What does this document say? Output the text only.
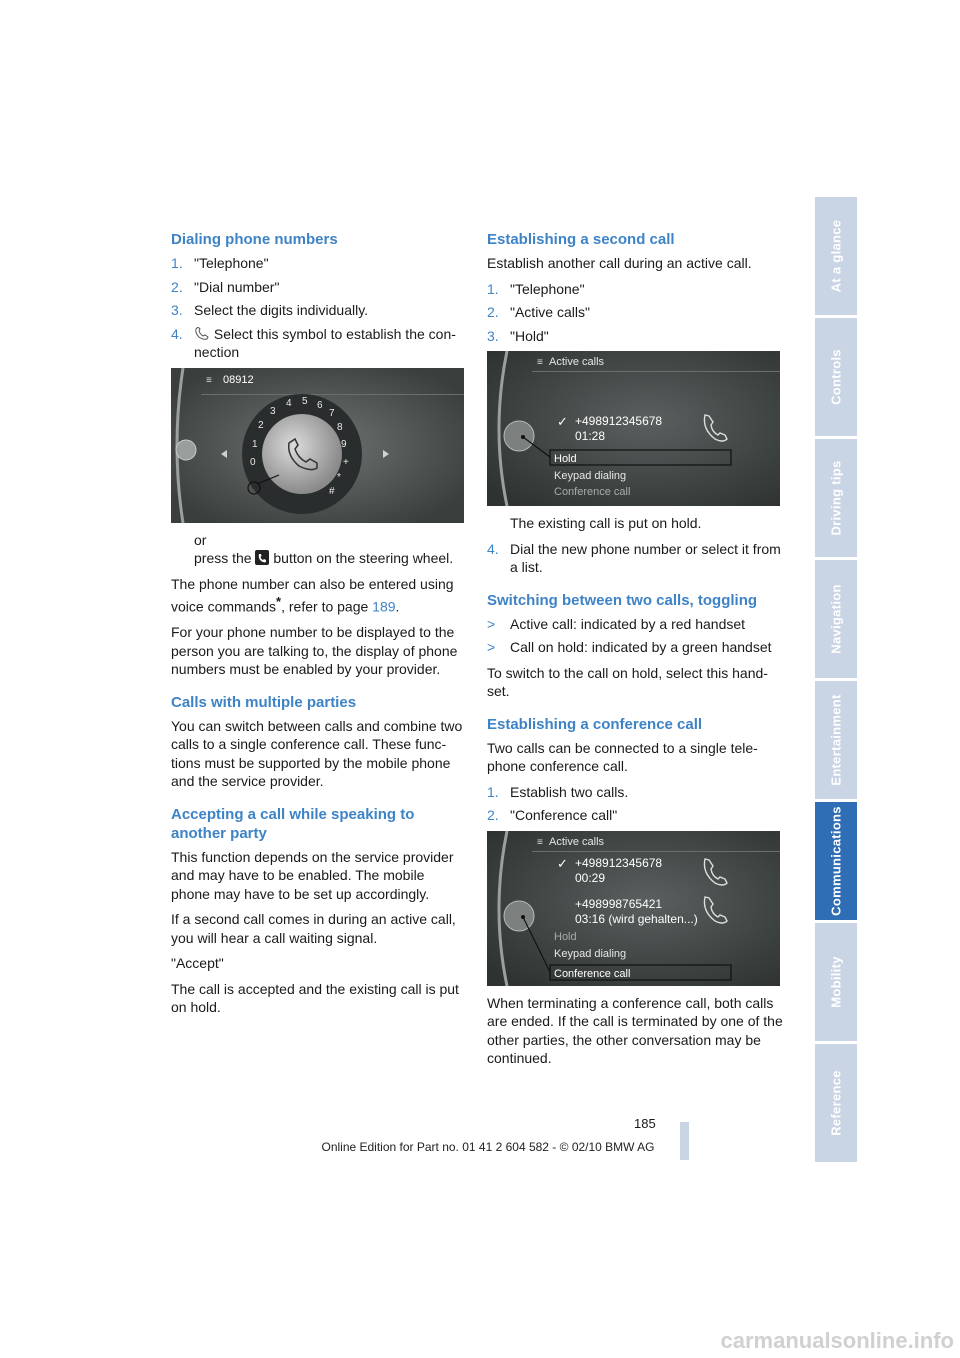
Dialing phone numbers
1. "Telephone"
2. "Dial number"
3. Select the digits individually.
4. Select this symbol to establish the con-nection
≡ 08912
0
1
2
3
4 5 6
7
8
9
+
*
#

or

press the button on the steering wheel.

The phone number can also be entered using voice commands*, refer to page 189.

For your phone number to be displayed to the person you are talking to, the display of phone numbers must be enabled by your provider.

Calls with multiple parties

You can switch between calls and combine two calls to a single conference call. These func-tions must be supported by the mobile phone and the service provider.

Accepting a call while speaking to another party

This function depends on the service provider and may have to be enabled. The mobile phone may have to be set up accordingly.

If a second call comes in during an active call, you will hear a call waiting signal.

"Accept"

The call is accepted and the existing call is put on hold.

Establishing a second call

Establish another call during an active call.

1. "Telephone"
2. "Active calls"
3. "Hold"
≡ Active calls
✓ +498912345678
01:28
Hold
Keypad dialing
Conference call

The existing call is put on hold.

4. Dial the new phone number or select it from a list.
Switching between two calls, toggling
> Active call: indicated by a red handset
> Call on hold: indicated by a green handset

To switch to the call on hold, select this hand-set.

Establishing a conference call

Two calls can be connected to a single tele-phone conference call.

1. Establish two calls.
2. "Conference call"
≡ Active calls
✓ +498912345678
00:29
+498998765421
03:16 (wird gehalten...)
Hold
Keypad dialing
Conference call

When terminating a conference call, both calls are ended. If the call is terminated by one of the other parties, the other conversation may be continued.

At a glance
Controls
Driving tips
Navigation
Entertainment
Communications
Mobility
Reference
185
Online Edition for Part no. 01 41 2 604 582 - © 02/10 BMW AG
carmanualsonline.info
